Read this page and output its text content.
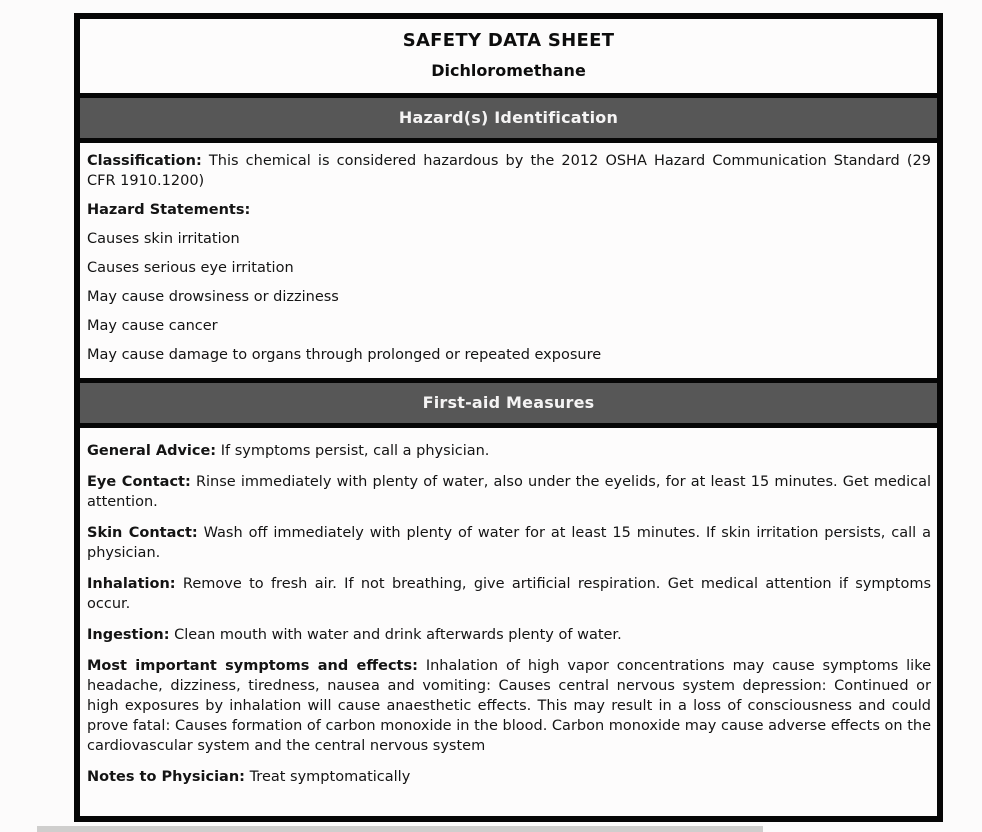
SAFETY DATA SHEET
Dichloromethane
Hazard(s) Identification

Classification: This chemical is considered hazardous by the 2012 OSHA Hazard Communication Standard (29 CFR 1910.1200)

Hazard Statements:

Causes skin irritation
Causes serious eye irritation
May cause drowsiness or dizziness
May cause cancer
May cause damage to organs through prolonged or repeated exposure
First-aid Measures

General Advice: If symptoms persist, call a physician.

Eye Contact: Rinse immediately with plenty of water, also under the eyelids, for at least 15 minutes. Get medical attention.

Skin Contact: Wash off immediately with plenty of water for at least 15 minutes. If skin irritation persists, call a physician.

Inhalation: Remove to fresh air. If not breathing, give artificial respiration. Get medical attention if symptoms occur.

Ingestion: Clean mouth with water and drink afterwards plenty of water.

Most important symptoms and effects: Inhalation of high vapor concentrations may cause symptoms like headache, dizziness, tiredness, nausea and vomiting: Causes central nervous system depression: Continued or high exposures by inhalation will cause anaesthetic effects. This may result in a loss of consciousness and could prove fatal: Causes formation of carbon monoxide in the blood. Carbon monoxide may cause adverse effects on the cardiovascular system and the central nervous system

Notes to Physician: Treat symptomatically
